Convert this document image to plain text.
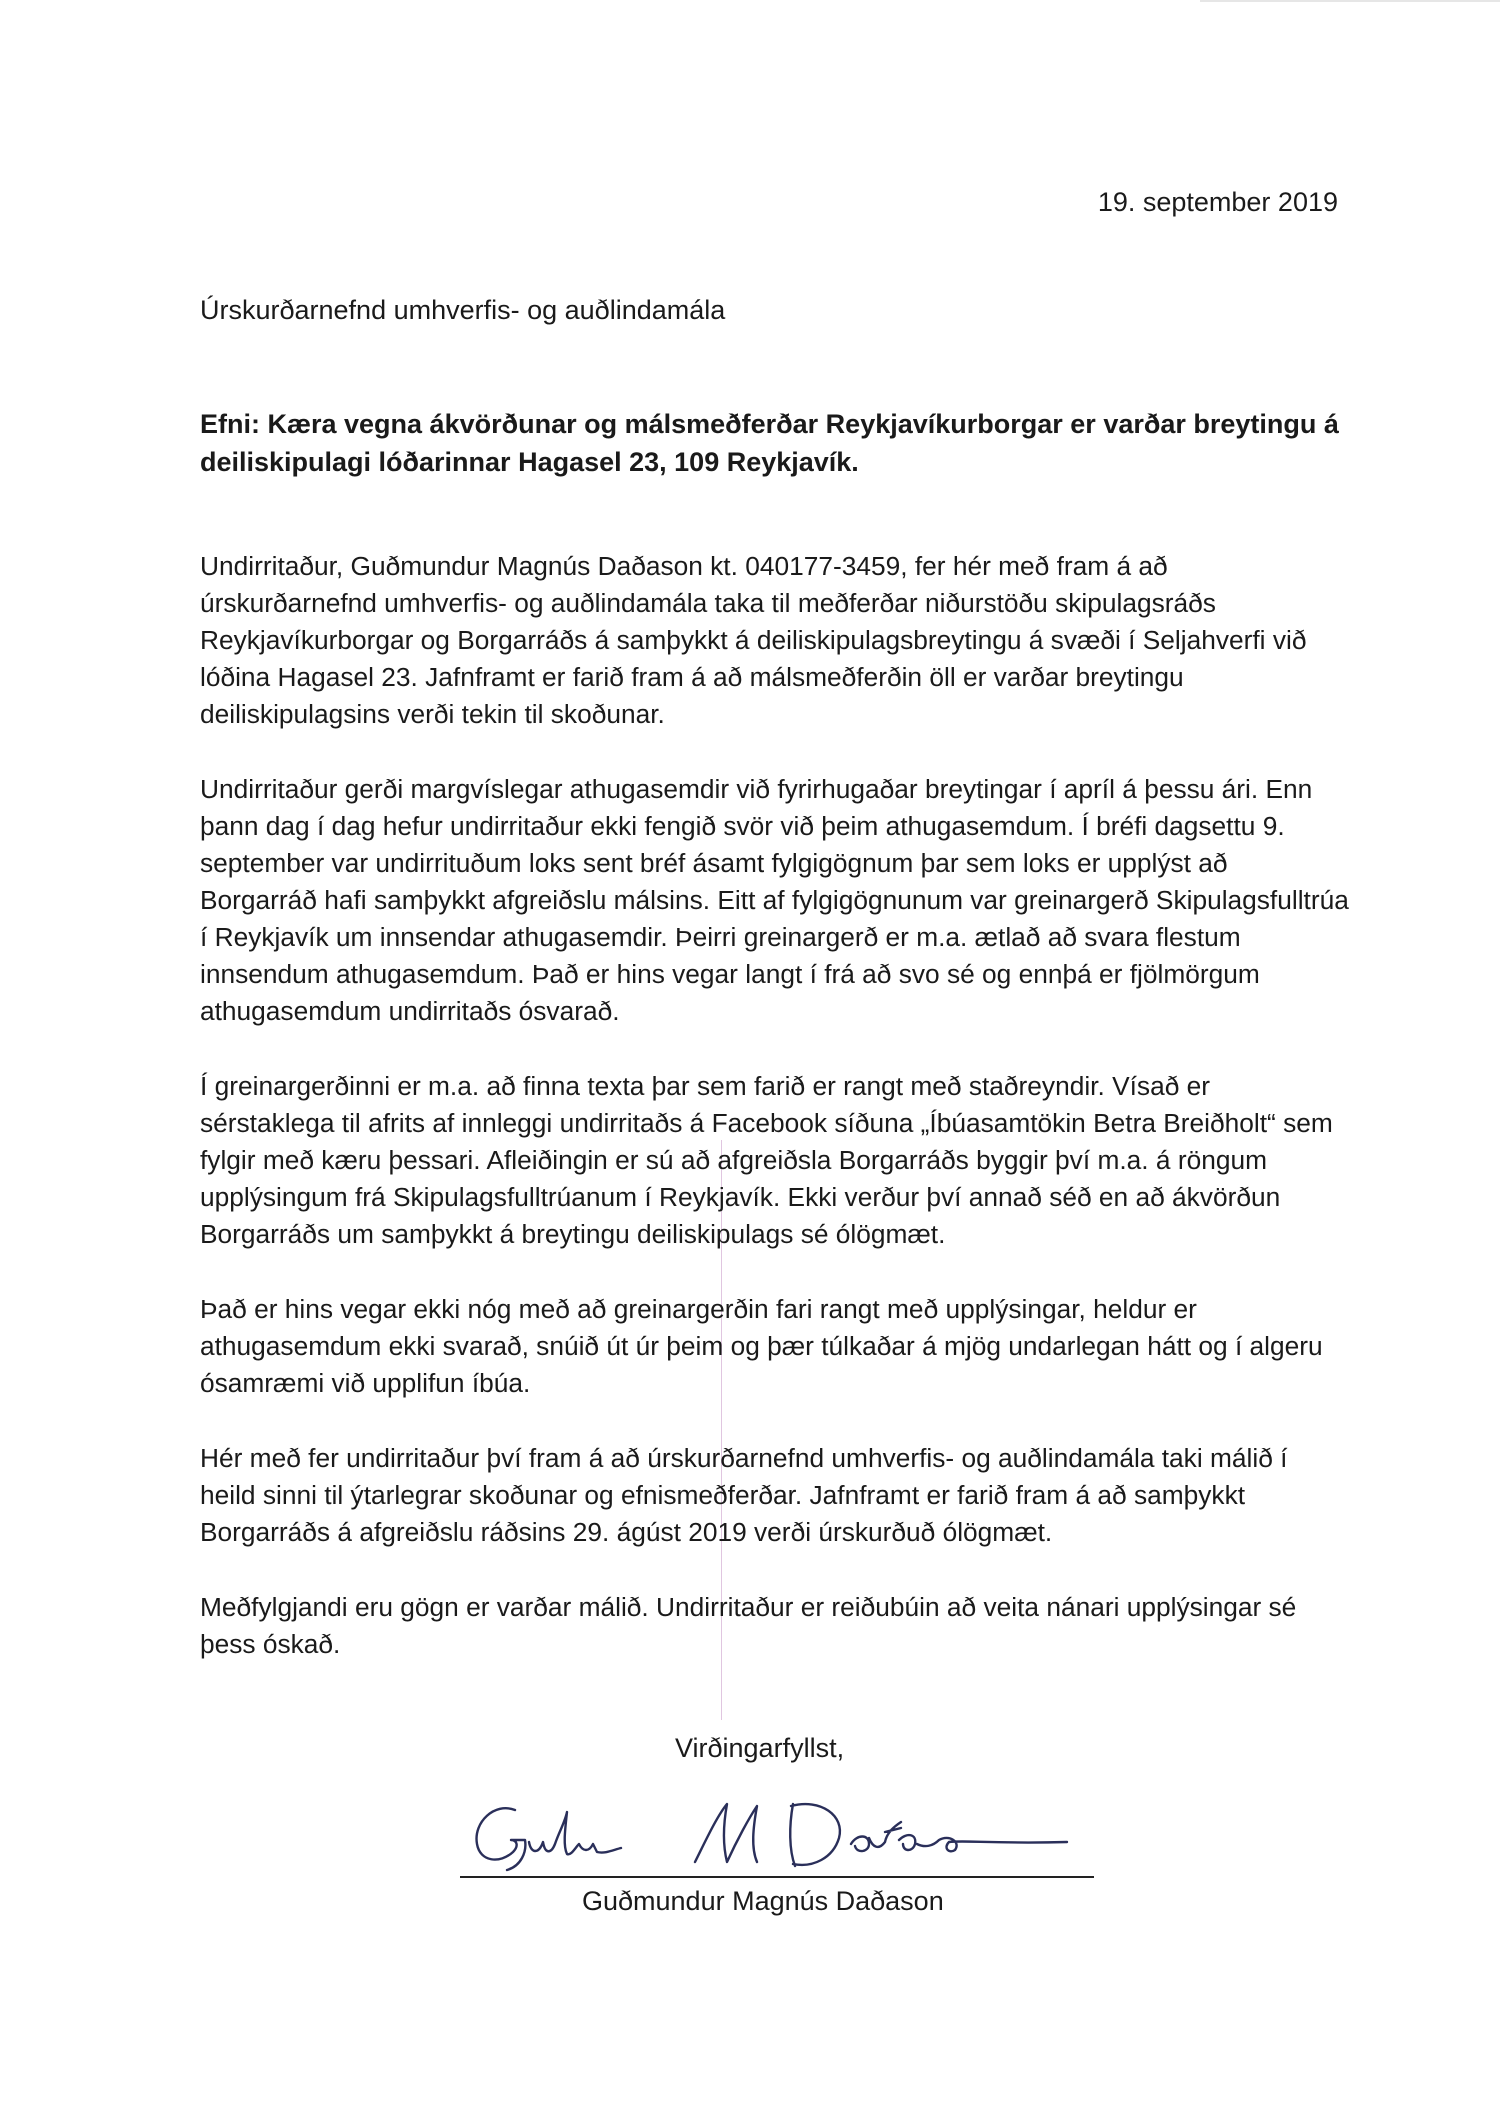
19. september 2019
Úrskurðarnefnd umhverfis- og auðlindamála
Efni: Kæra vegna ákvörðunar og málsmeðferðar Reykjavíkurborgar er varðar breytingu á deiliskipulagi lóðarinnar Hagasel 23, 109 Reykjavík.

Undirritaður, Guðmundur Magnús Daðason kt. 040177-3459, fer hér með fram á að úrskurðarnefnd umhverfis- og auðlindamála taka til meðferðar niðurstöðu skipulagsráðs Reykjavíkurborgar og Borgarráðs á samþykkt á deiliskipulagsbreytingu á svæði í Seljahverfi við lóðina Hagasel 23. Jafnframt er farið fram á að málsmeðferðin öll er varðar breytingu deiliskipulagsins verði tekin til skoðunar.

Undirritaður gerði margvíslegar athugasemdir við fyrirhugaðar breytingar í apríl á þessu ári. Enn þann dag í dag hefur undirritaður ekki fengið svör við þeim athugasemdum. Í bréfi dagsettu 9. september var undirrituðum loks sent bréf ásamt fylgigögnum þar sem loks er upplýst að Borgarráð hafi samþykkt afgreiðslu málsins. Eitt af fylgigögnunum var greinargerð Skipulagsfulltrúa í Reykjavík um innsendar athugasemdir. Þeirri greinargerð er m.a. ætlað að svara flestum innsendum athugasemdum. Það er hins vegar langt í frá að svo sé og ennþá er fjölmörgum athugasemdum undirritaðs ósvarað.

Í greinargerðinni er m.a. að finna texta þar sem farið er rangt með staðreyndir. Vísað er sérstaklega til afrits af innleggi undirritaðs á Facebook síðuna „Íbúasamtökin Betra Breiðholt“ sem fylgir með kæru þessari. Afleiðingin er sú að afgreiðsla Borgarráðs byggir því m.a. á röngum upplýsingum frá Skipulagsfulltrúanum í Reykjavík. Ekki verður því annað séð en að ákvörðun Borgarráðs um samþykkt á breytingu deiliskipulags sé ólögmæt.

Það er hins vegar ekki nóg með að greinargerðin fari rangt með upplýsingar, heldur er athugasemdum ekki svarað, snúið út úr þeim og þær túlkaðar á mjög undarlegan hátt og í algeru ósamræmi við upplifun íbúa.

Hér með fer undirritaður því fram á að úrskurðarnefnd umhverfis- og auðlindamála taki málið í heild sinni til ýtarlegrar skoðunar og efnismeðferðar. Jafnframt er farið fram á að samþykkt Borgarráðs á afgreiðslu ráðsins 29. ágúst 2019 verði úrskurðuð ólögmæt.

Meðfylgjandi eru gögn er varðar málið. Undirritaður er reiðubúin að veita nánari upplýsingar sé þess óskað.

Virðingarfyllst,
Guðmundur Magnús Daðason
